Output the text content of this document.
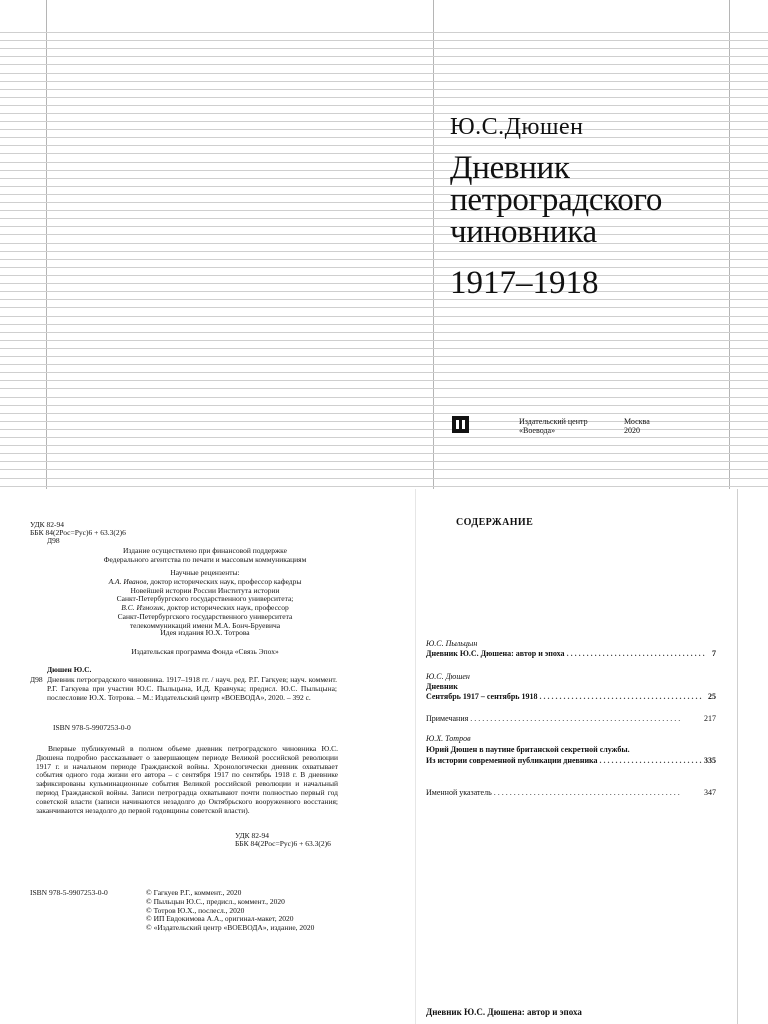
Ю.С.Дюшен
Дневник
петроградского
чиновника
1917–1918
Издательский центр
«Воевода»
Москва
2020
УДК 82-94
ББК 84(2Рос=Рус)6 + 63.3(2)6
Д98
Издание осуществлено при финансовой поддержке
Федерального агентства по печати и массовым коммуникациям
Научные рецензенты:
А.А. Иванов, доктор исторических наук, профессор кафедры
Новейшей истории России Института истории
Санкт-Петербургского государственного университета;
В.С. Измозик, доктор исторических наук, профессор
Санкт-Петербургского государственного университета
телекоммуникаций имени М.А. Бонч-Бруевича
Идея издания Ю.Х. Тотрова
Издательская программа Фонда «Связь Эпох»
Дюшен Ю.С.
Д98 Дневник петроградского чиновника. 1917–1918 гг. / науч. ред. Р.Г. Гагкуев; науч. коммент. Р.Г. Гагкуева при участии Ю.С. Пыльцына, И.Д. Кравчука; предисл. Ю.С. Пыльцына; послесловие Ю.Х. Тотрова. – М.: Издательский центр «ВОЕВОДА», 2020. – 392 с.
ISBN 978-5-9907253-0-0
Впервые публикуемый в полном объеме дневник петроградского чиновника Ю.С. Дюшена подробно рассказывает о завершающем периоде Великой российской революции 1917 г. и начальном периоде Гражданской войны. Хронологически дневник охватывает события одного года жизни его автора – с сентября 1917 по сентябрь 1918 г. В дневнике зафиксированы кульминационные события Великой российской революции и начальный период Гражданской войны. Записи петроградца охватывают почти полностью первый год советской власти (записи начинаются незадолго до Октябрьского вооруженного восстания; заканчиваются незадолго до первой годовщины советской власти).
УДК 82-94
ББК 84(2Рос=Рус)6 + 63.3(2)6
ISBN 978-5-9907253-0-0	© Гагкуев Р.Г., коммент., 2020
© Пыльцын Ю.С., предисл., коммент., 2020
© Тотров Ю.Х., послесл., 2020
© ИП Евдокимова А.А., оригинал-макет, 2020
© «Издательский центр «ВОЕВОДА», издание, 2020
СОДЕРЖАНИЕ
Ю.С. Пыльцын
Дневник Ю.С. Дюшена: автор и эпоха . . . . . . . . . . . . . . . . . . . . . . . . . . . . . . . . . . . 7
Ю.С. Дюшен
Дневник
Сентябрь 1917 – сентябрь 1918 . . . . . . . . . . . . . . . . . . . . . . . . . . . . . . . . . . . . . . . . . 25
Примечания . . . . . . . . . . . . . . . . . . . . . . . . . . . . . . . . . . . . . . . . . . . . . . . . . . . . .	217
Ю.Х. Тотров
Юрий Дюшен в паутине британской секретной службы.
Из истории современной публикации дневника . . . . . . . . . . . . . . . . . . . . . . . . . . 335
Именной указатель . . . . . . . . . . . . . . . . . . . . . . . . . . . . . . . . . . . . . . . . . . . . . . .	347
Дневник Ю.С. Дюшена: автор и эпоха
